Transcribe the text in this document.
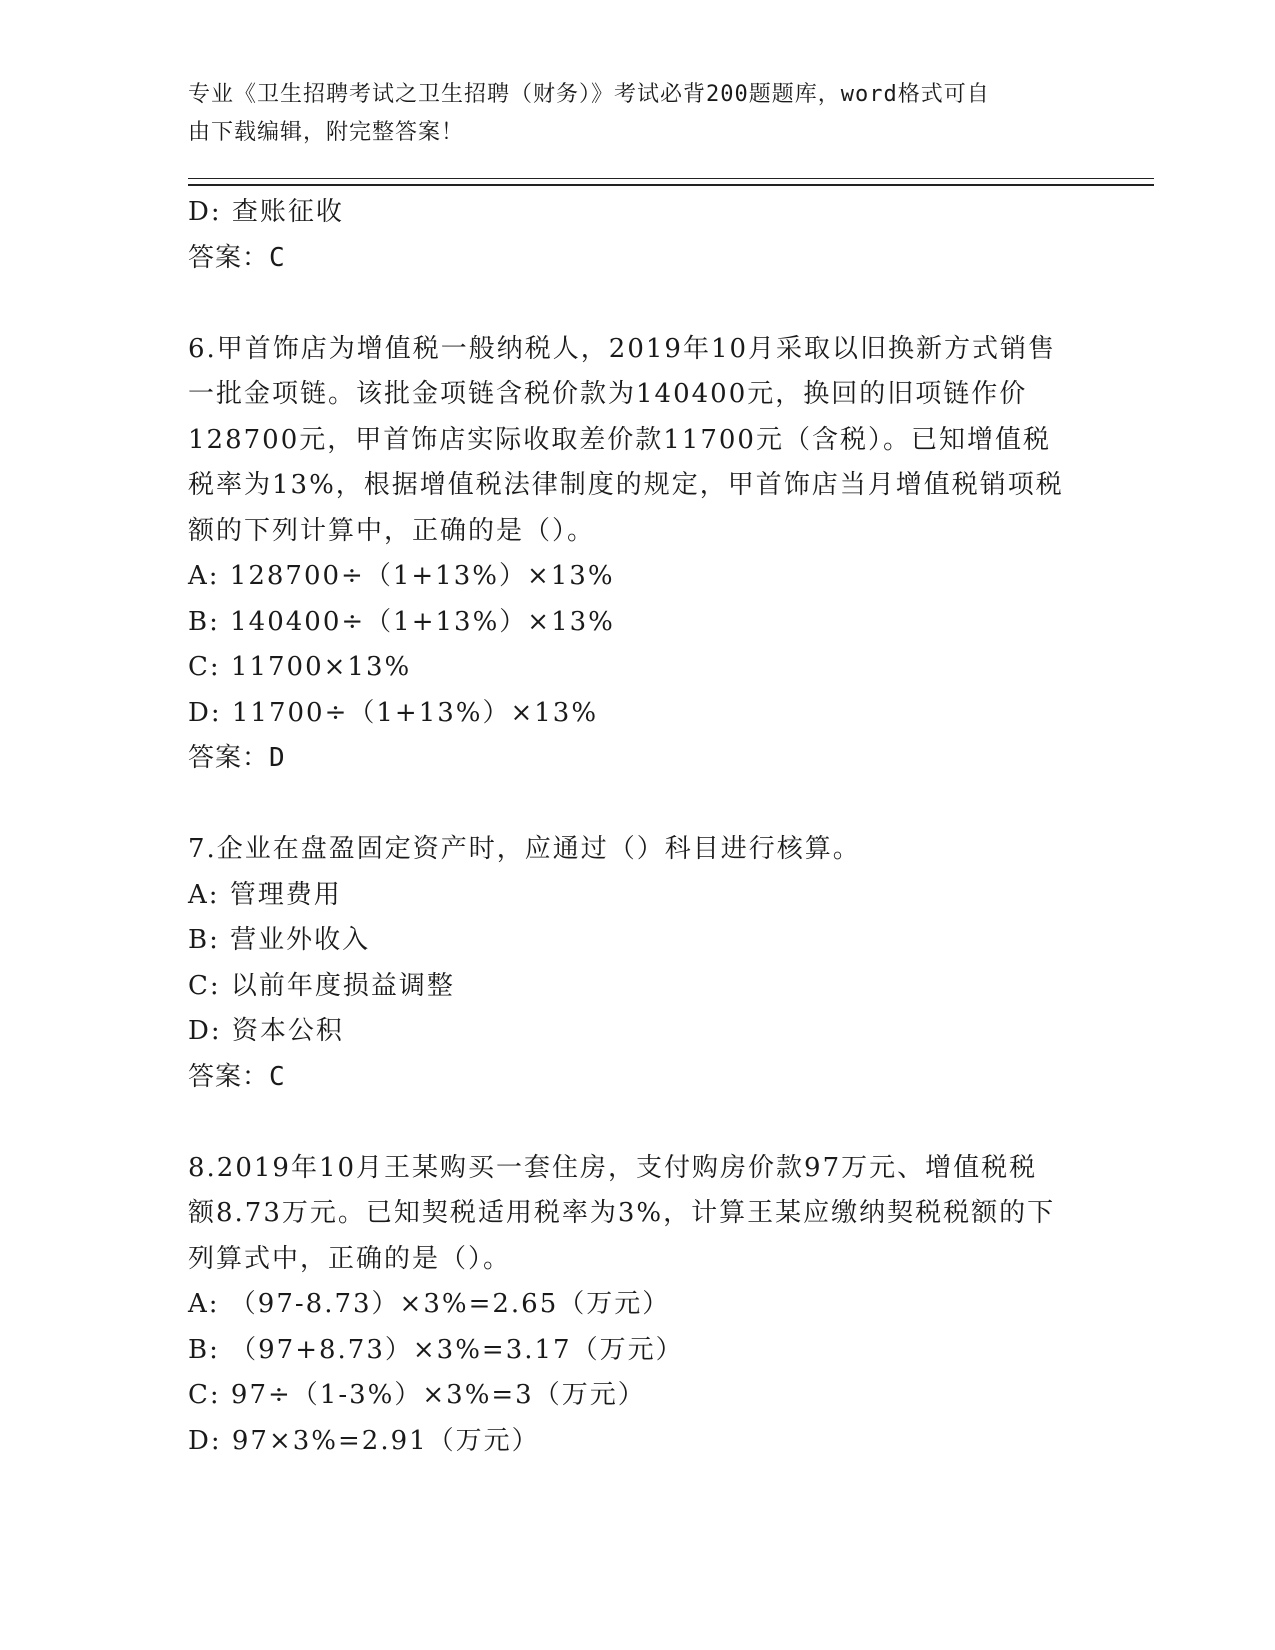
专业《卫生招聘考试之卫生招聘（财务）》考试必背200题题库，word格式可自
由下载编辑，附完整答案！
D: 查账征收
答案：C
6.甲首饰店为增值税一般纳税人，2019年10月采取以旧换新方式销售
一批金项链。该批金项链含税价款为140400元，换回的旧项链作价
128700元，甲首饰店实际收取差价款11700元（含税）。已知增值税
税率为13%，根据增值税法律制度的规定，甲首饰店当月增值税销项税
额的下列计算中，正确的是（）。
A: 128700÷（1+13%）×13%
B: 140400÷（1+13%）×13%
C: 11700×13%
D: 11700÷（1+13%）×13%
答案：D
7.企业在盘盈固定资产时，应通过（）科目进行核算。
A: 管理费用
B: 营业外收入
C: 以前年度损益调整
D: 资本公积
答案：C
8.2019年10月王某购买一套住房，支付购房价款97万元、增值税税
额8.73万元。已知契税适用税率为3%，计算王某应缴纳契税税额的下
列算式中，正确的是（）。
A: （97-8.73）×3%=2.65（万元）
B: （97+8.73）×3%=3.17（万元）
C: 97÷（1-3%）×3%=3（万元）
D: 97×3%=2.91（万元）
